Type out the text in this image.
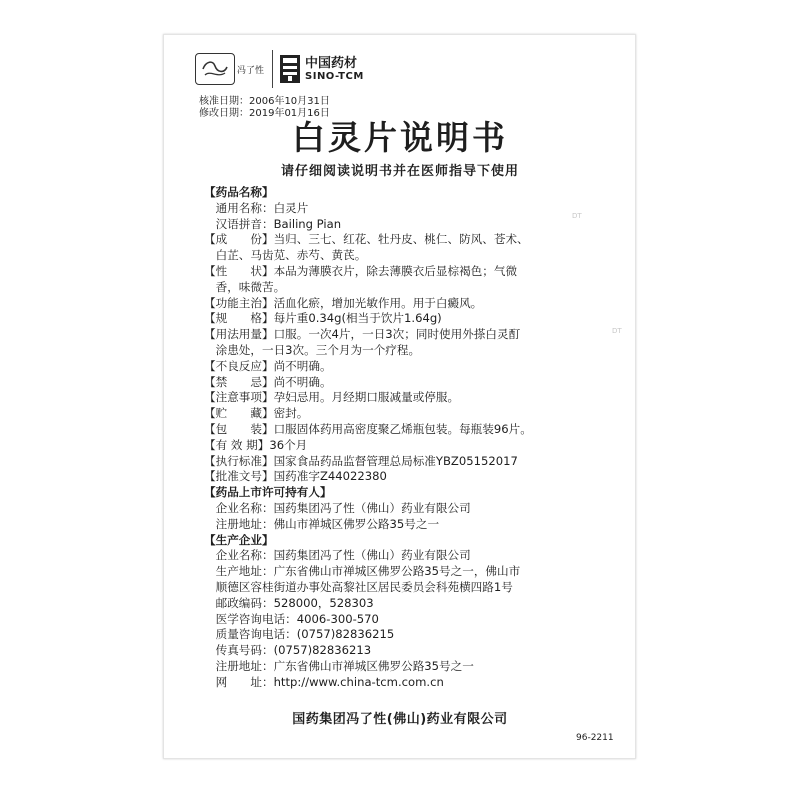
冯了性	中国药材
SINO-TCM
核准日期：2006年10月31日
修改日期：2019年01月16日
白灵片说明书
请仔细阅读说明书并在医师指导下使用
【药品名称】
　通用名称：白灵片
　汉语拼音：Bailing Pian
【成　　份】当归、三七、红花、牡丹皮、桃仁、防风、苍术、
　白芷、马齿苋、赤芍、黄芪。
【性　　状】本品为薄膜衣片，除去薄膜衣后显棕褐色；气微
　香，味微苦。
【功能主治】活血化瘀，增加光敏作用。用于白癜风。
【规　　格】每片重0.34g(相当于饮片1.64g)
【用法用量】口服。一次4片，一日3次；同时使用外搽白灵酊
　涂患处，一日3次。三个月为一个疗程。
【不良反应】尚不明确。
【禁　　忌】尚不明确。
【注意事项】孕妇忌用。月经期口服减量或停服。
【贮　　藏】密封。
【包　　装】口服固体药用高密度聚乙烯瓶包装。每瓶装96片。
【有 效 期】36个月
【执行标准】国家食品药品监督管理总局标准YBZ05152017
【批准文号】国药准字Z44022380
【药品上市许可持有人】
　企业名称：国药集团冯了性（佛山）药业有限公司
　注册地址：佛山市禅城区佛罗公路35号之一
【生产企业】
　企业名称：国药集团冯了性（佛山）药业有限公司
　生产地址：广东省佛山市禅城区佛罗公路35号之一，佛山市
　顺德区容桂街道办事处高黎社区居民委员会科苑横四路1号
　邮政编码：528000，528303
　医学咨询电话：4006-300-570
　质量咨询电话：(0757)82836215
　传真号码：(0757)82836213
　注册地址：广东省佛山市禅城区佛罗公路35号之一
　网　　址：http://www.china-tcm.com.cn
DT
DT
国药集团冯了性(佛山)药业有限公司
96-2211
